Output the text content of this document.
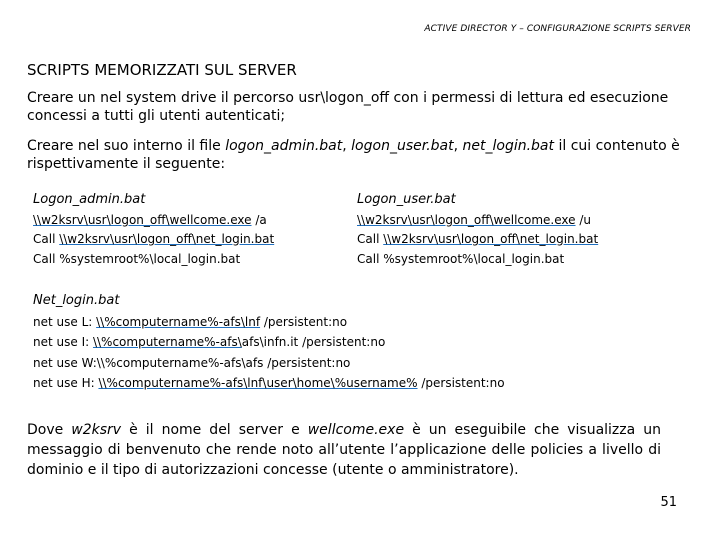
ACTIVE DIRECTOR Y – CONFIGURAZIONE SCRIPTS SERVER
SCRIPTS MEMORIZZATI SUL SERVER
Creare un nel system drive il percorso usr\logon_off con i permessi di lettura ed esecuzione concessi a tutti gli utenti autenticati;
Creare nel suo interno il file logon_admin.bat, logon_user.bat, net_login.bat il cui contenuto è rispettivamente il seguente:
Logon_admin.bat
\\w2ksrv\usr\logon_off\wellcome.exe /a
Call \\w2ksrv\usr\logon_off\net_login.bat
Call %systemroot%\local_login.bat
Logon_user.bat
\\w2ksrv\usr\logon_off\wellcome.exe /u
Call \\w2ksrv\usr\logon_off\net_login.bat
Call %systemroot%\local_login.bat
Net_login.bat
net use L: \\%computername%-afs\lnf /persistent:no
net use I: \\%computername%-afs\afs\infn.it /persistent:no
net use W:\\%computername%-afs\afs /persistent:no
net use H: \\%computername%-afs\lnf\user\home\%username% /persistent:no
Dove w2ksrv è il nome del server e wellcome.exe è un eseguibile che visualizza un messaggio di benvenuto che rende noto all’utente l’applicazione delle policies a livello di dominio e il tipo di autorizzazioni concesse (utente o amministratore).
51
